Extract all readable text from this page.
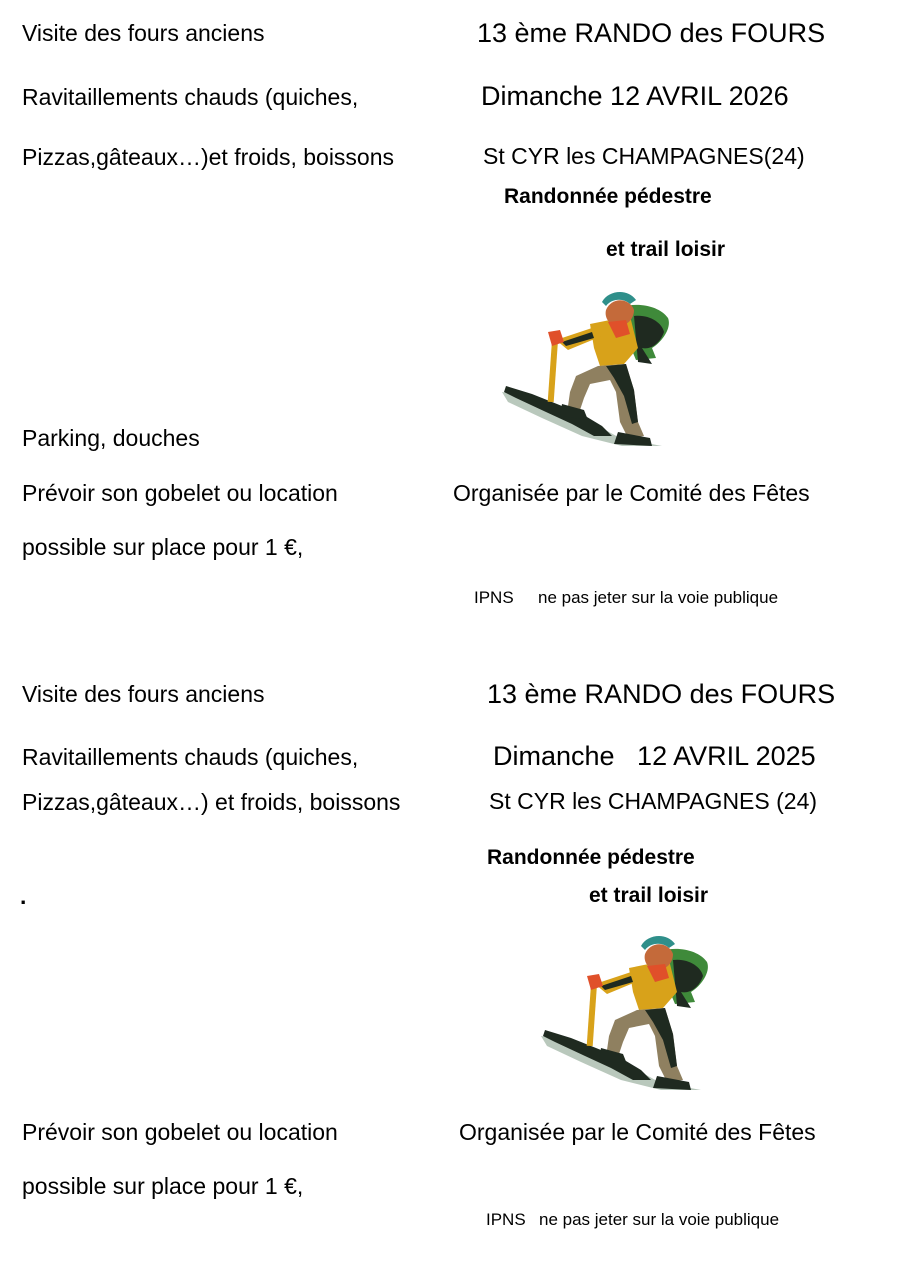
Visite des fours anciens
Ravitaillements chauds (quiches,
Pizzas,gâteaux…)et froids, boissons
Parking, douches
Prévoir son gobelet ou location
possible sur place pour 1 €,
13 ème RANDO des FOURS
Dimanche 12 AVRIL 2026
St CYR les CHAMPAGNES(24)
Randonnée pédestre
et trail loisir
Organisée par le Comité des Fêtes
IPNS ne pas jeter sur la voie publique
Visite des fours anciens
Ravitaillements chauds (quiches,
Pizzas,gâteaux…) et froids, boissons
.
Prévoir son gobelet ou location
possible sur place pour 1 €,
13 ème RANDO des FOURS
Dimanche   12 AVRIL 2025
St CYR les CHAMPAGNES (24)
Randonnée pédestre
et trail loisir
Organisée par le Comité des Fêtes
IPNS ne pas jeter sur la voie publique
